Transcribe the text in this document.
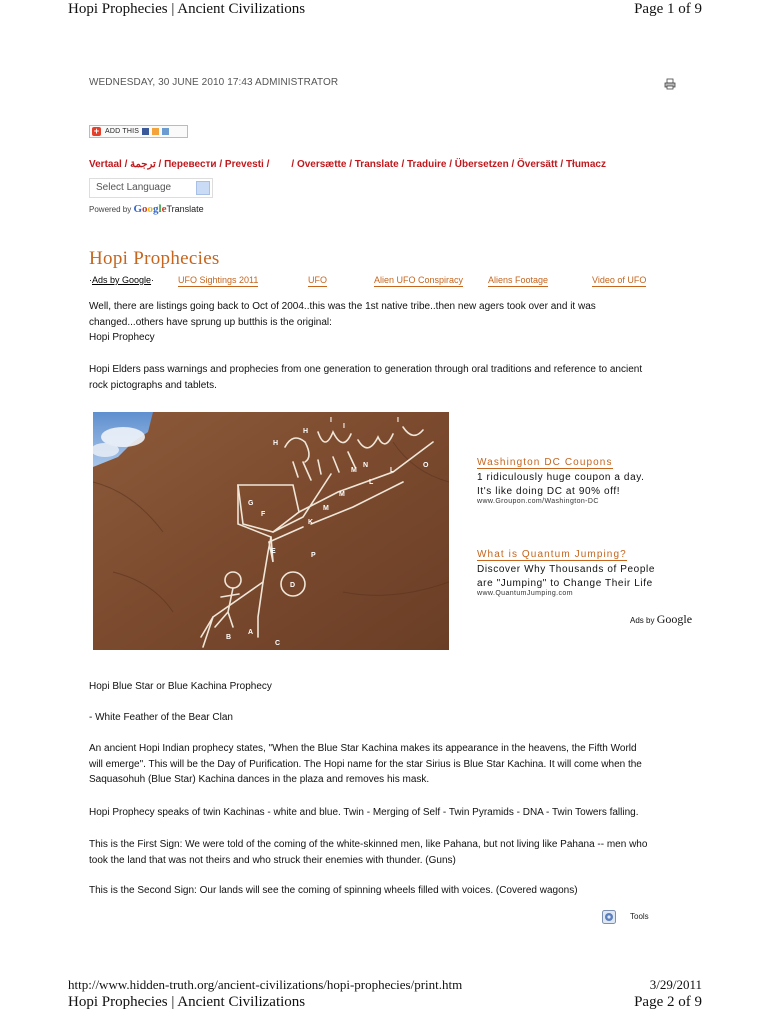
Hopi Prophecies | Ancient Civilizations	Page 1 of 9
WEDNESDAY, 30 JUNE 2010 17:43 ADMINISTRATOR
+ ADD THIS
Vertaal / ترجمة / Перевести / Prevesti / / Oversætte / Translate / Traduire / Übersetzen / Översätt / Tłumacz
Select Language
Powered by GoogleTranslate
Hopi Prophecies
·Ads by Google·	UFO Sightings 2011	UFO	Alien UFO Conspiracy	Aliens Footage	Video of UFO
Well, there are listings going back to Oct of 2004..this was the 1st native tribe..then new agers took over and it was
changed...others have sprung up butthis is the original:
Hopi Prophecy
Hopi Elders pass warnings and prophecies from one generation to generation through oral traditions and reference to ancient
rock pictographs and tablets.
G
F
E
D
C
B
A
H
H
I
I
I
K
L
L
M
M
M
N	O
P
Washington DC Coupons
1 ridiculously huge coupon a day.
It's like doing DC at 90% off!
www.Groupon.com/Washington-DC
What is Quantum Jumping?
Discover Why Thousands of People
are "Jumping" to Change Their Life
www.QuantumJumping.com
Ads by Google
Hopi Blue Star or Blue Kachina Prophecy
- White Feather of the Bear Clan
An ancient Hopi Indian prophecy states, "When the Blue Star Kachina makes its appearance in the heavens, the Fifth World
will emerge". This will be the Day of Purification. The Hopi name for the star Sirius is Blue Star Kachina. It will come when the
Saquasohuh (Blue Star) Kachina dances in the plaza and removes his mask.
Hopi Prophecy speaks of twin Kachinas - white and blue. Twin - Merging of Self - Twin Pyramids - DNA - Twin Towers falling.
This is the First Sign: We were told of the coming of the white-skinned men, like Pahana, but not living like Pahana -- men who
took the land that was not theirs and who struck their enemies with thunder. (Guns)
This is the Second Sign: Our lands will see the coming of spinning wheels filled with voices. (Covered wagons)
Tools
http://www.hidden-truth.org/ancient-civilizations/hopi-prophecies/print.htm	3/29/2011
Hopi Prophecies | Ancient Civilizations	Page 2 of 9
